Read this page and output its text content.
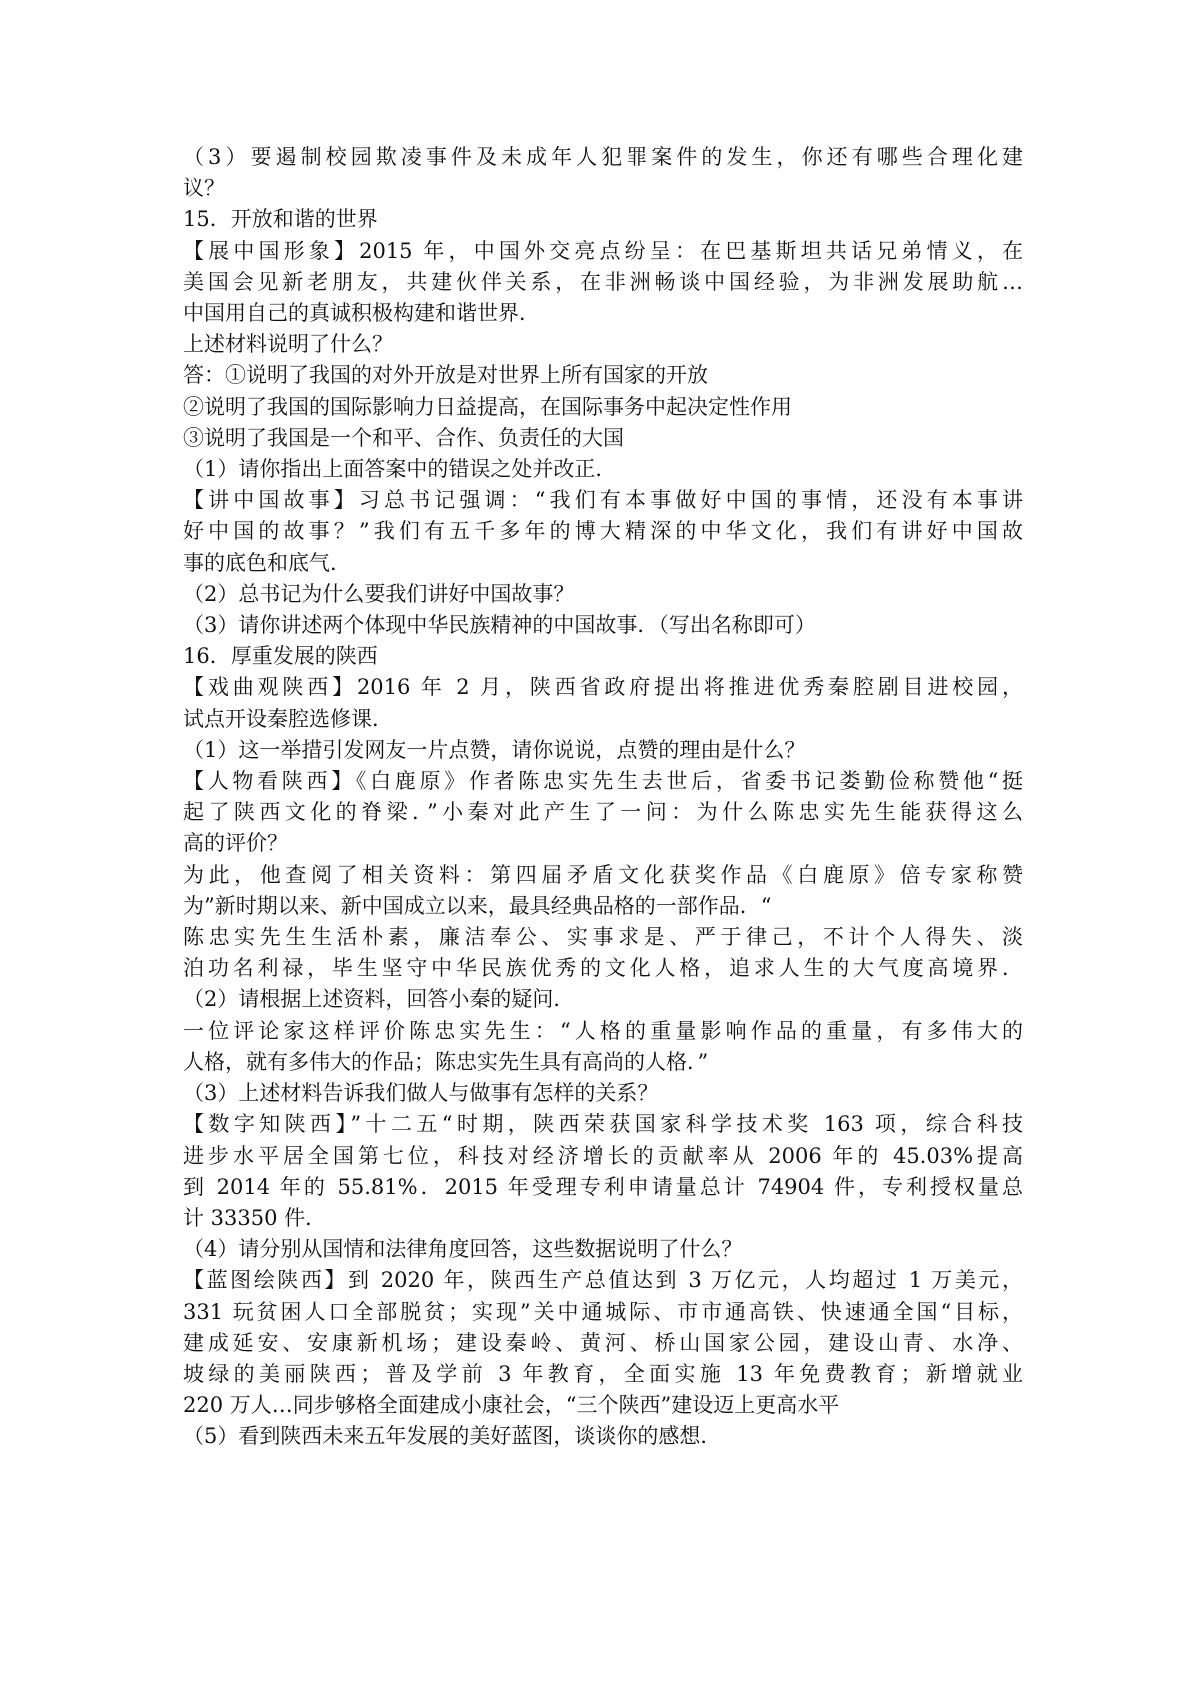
（3）要遏制校园欺凌事件及未成年人犯罪案件的发生，你还有哪些合理化建

议？

15．开放和谐的世界

【展中国形象】2015 年，中国外交亮点纷呈：在巴基斯坦共话兄弟情义，在

美国会见新老朋友，共建伙伴关系，在非洲畅谈中国经验，为非洲发展助航…

中国用自己的真诚积极构建和谐世界．

上述材料说明了什么？

答：①说明了我国的对外开放是对世界上所有国家的开放

②说明了我国的国际影响力日益提高，在国际事务中起决定性作用

③说明了我国是一个和平、合作、负责任的大国

（1）请你指出上面答案中的错误之处并改正．

【讲中国故事】习总书记强调：“我们有本事做好中国的事情，还没有本事讲

好中国的故事？”我们有五千多年的博大精深的中华文化，我们有讲好中国故

事的底色和底气．

（2）总书记为什么要我们讲好中国故事？

（3）请你讲述两个体现中华民族精神的中国故事．（写出名称即可）

16．厚重发展的陕西

【戏曲观陕西】2016 年 2 月，陕西省政府提出将推进优秀秦腔剧目进校园，

试点开设秦腔选修课．

（1）这一举措引发网友一片点赞，请你说说，点赞的理由是什么？

【人物看陕西】《白鹿原》作者陈忠实先生去世后，省委书记娄勤俭称赞他“挺

起了陕西文化的脊梁．”小秦对此产生了一问：为什么陈忠实先生能获得这么

高的评价？

为此，他查阅了相关资料：第四届矛盾文化获奖作品《白鹿原》倍专家称赞

为”新时期以来、新中国成立以来，最具经典品格的一部作品．“

陈忠实先生生活朴素，廉洁奉公、实事求是、严于律己，不计个人得失、淡

泊功名利禄，毕生坚守中华民族优秀的文化人格，追求人生的大气度高境界．

（2）请根据上述资料，回答小秦的疑问．

一位评论家这样评价陈忠实先生：“人格的重量影响作品的重量，有多伟大的

人格，就有多伟大的作品；陈忠实先生具有高尚的人格．”

（3）上述材料告诉我们做人与做事有怎样的关系？

【数字知陕西】”十二五“时期，陕西荣获国家科学技术奖 163 项，综合科技

进步水平居全国第七位，科技对经济增长的贡献率从 2006 年的 45.03%提高

到 2014 年的 55.81%．2015 年受理专利申请量总计 74904 件，专利授权量总

计 33350 件．

（4）请分别从国情和法律角度回答，这些数据说明了什么？

【蓝图绘陕西】到 2020 年，陕西生产总值达到 3 万亿元，人均超过 1 万美元，

331 玩贫困人口全部脱贫；实现”关中通城际、市市通高铁、快速通全国“目标，

建成延安、安康新机场；建设秦岭、黄河、桥山国家公园，建设山青、水净、

坡绿的美丽陕西；普及学前 3 年教育，全面实施 13 年免费教育；新增就业

220 万人…同步够格全面建成小康社会，“三个陕西”建设迈上更高水平

（5）看到陕西未来五年发展的美好蓝图，谈谈你的感想．
